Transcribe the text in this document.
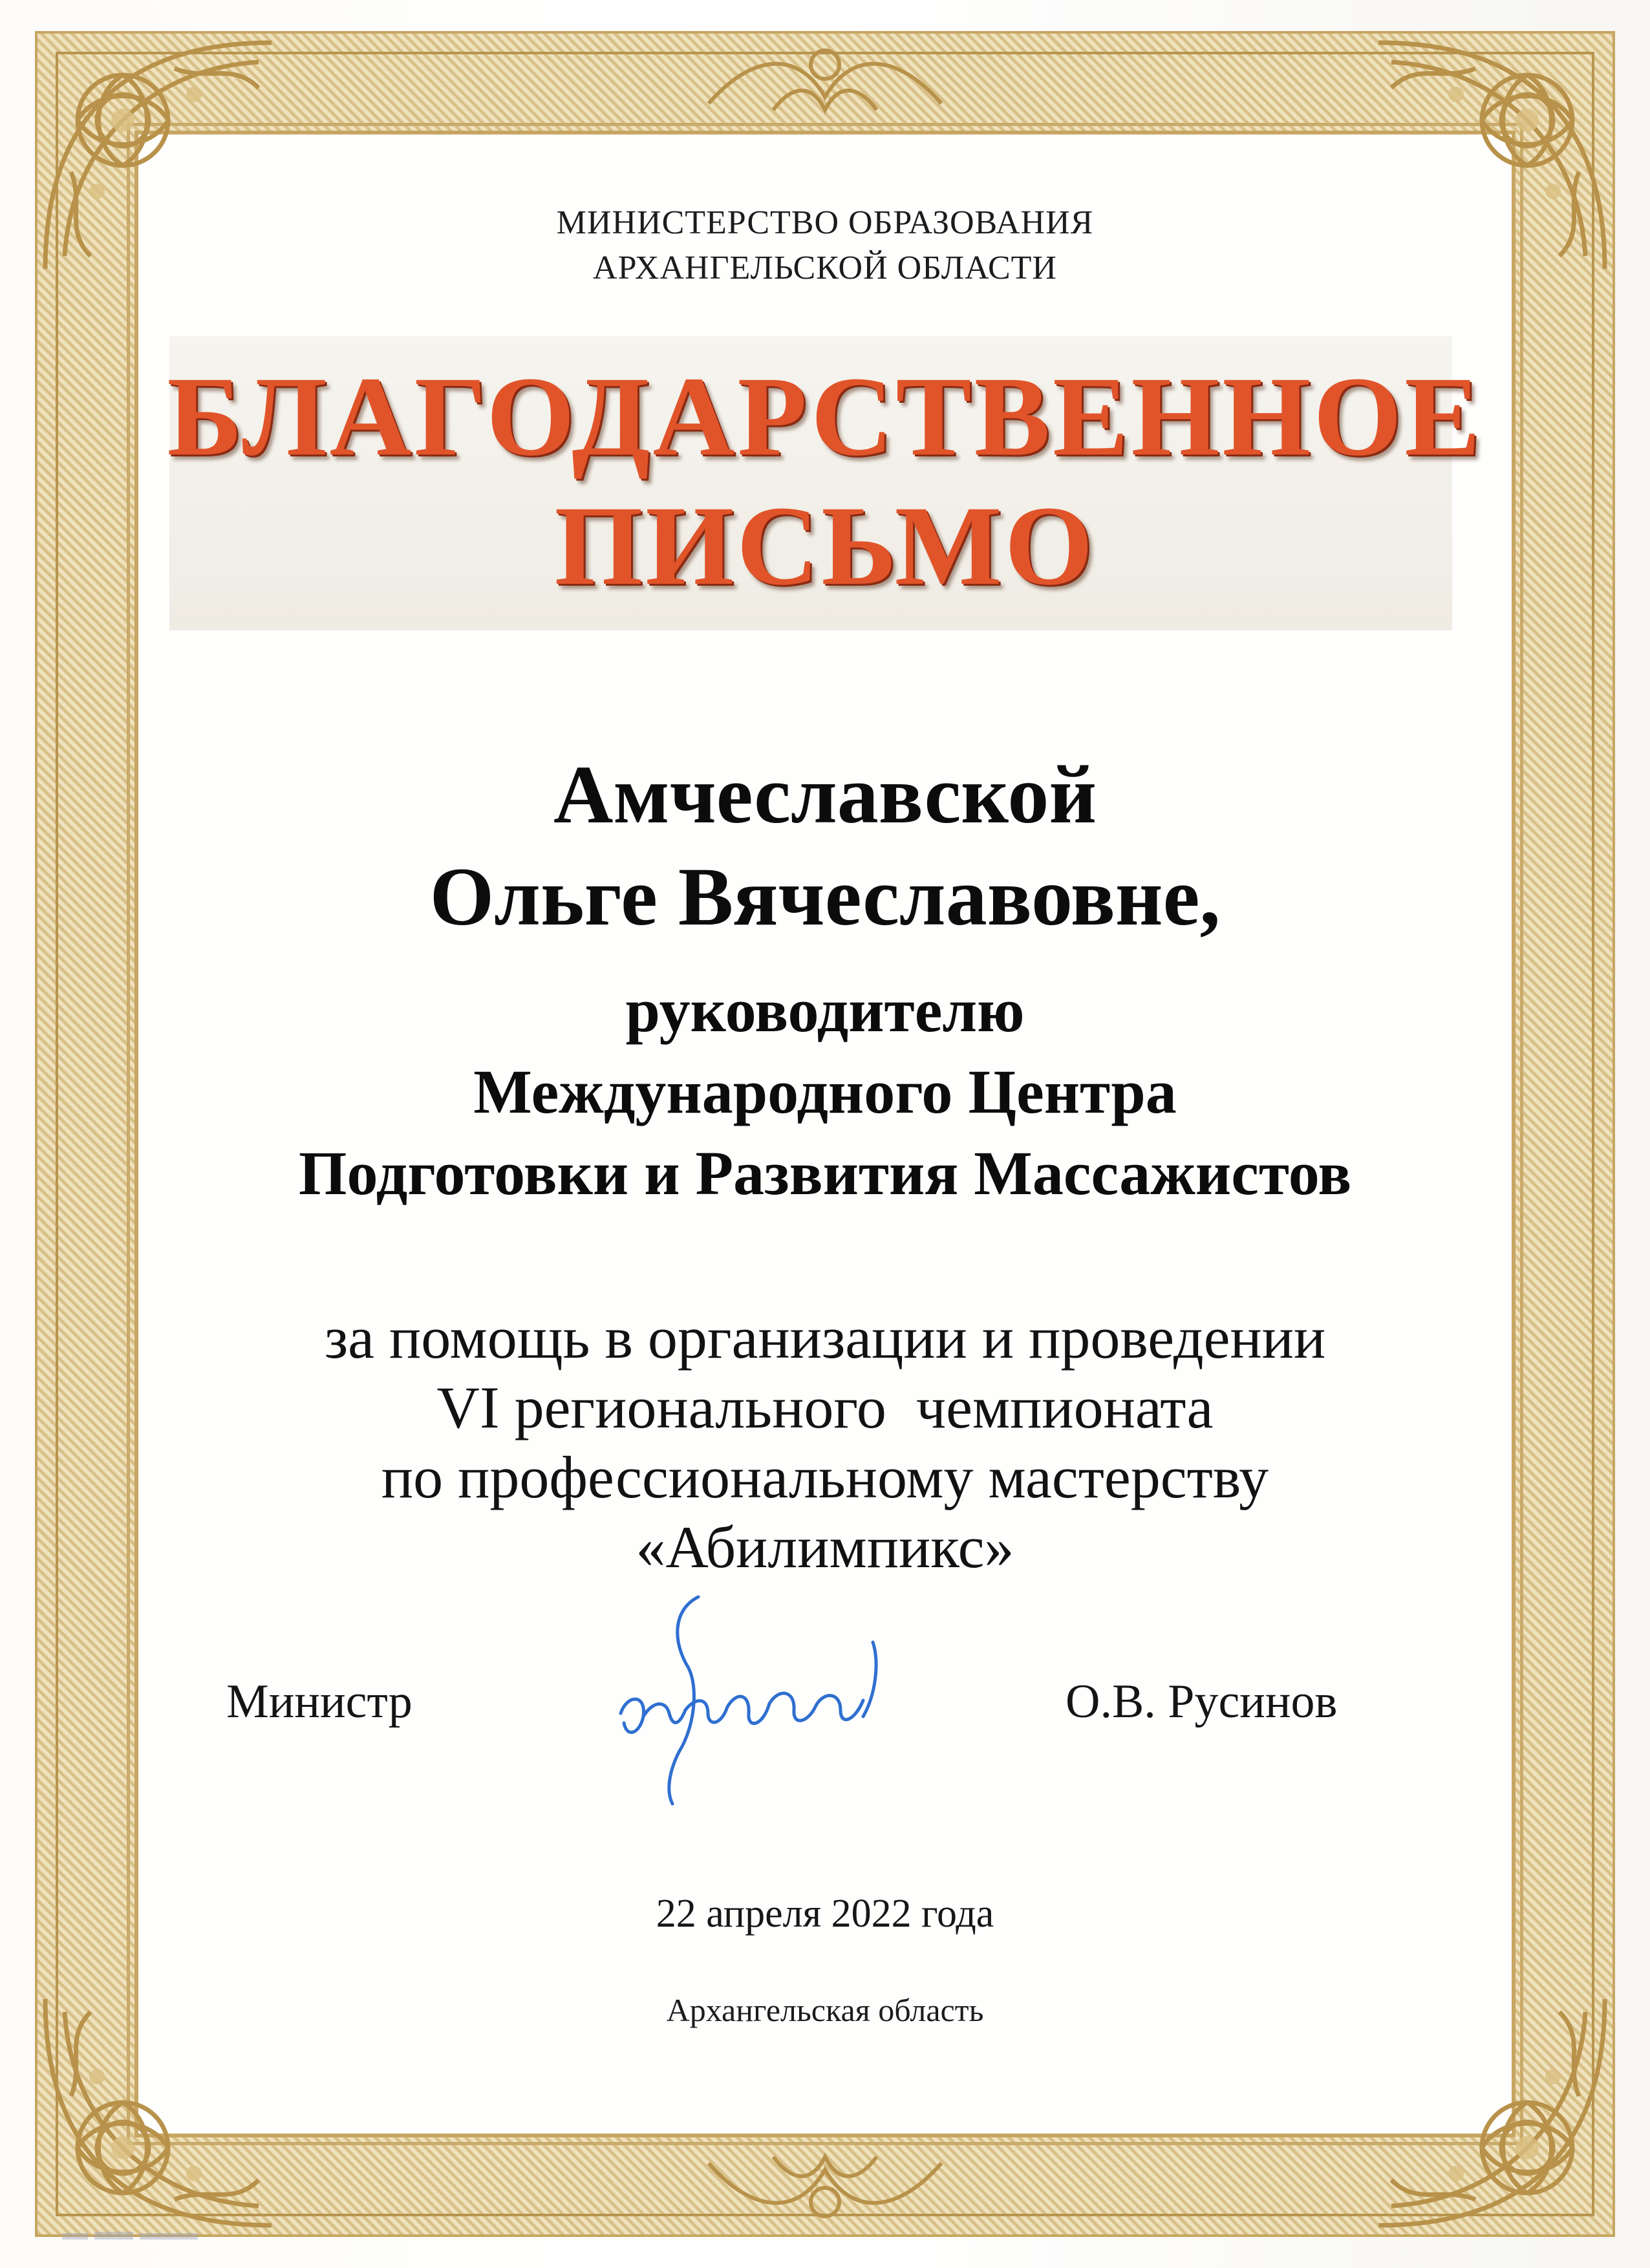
МИНИСТЕРСТВО ОБРАЗОВАНИЯ
АРХАНГЕЛЬСКОЙ ОБЛАСТИ
БЛАГОДАРСТВЕННОЕ
ПИСЬМО
Амчеславской
Ольге Вячеславовне,
руководителю
Международного Центра
Подготовки и Развития Массажистов
за помощь в организации и проведении
VI регионального  чемпионата
по профессиональному мастерству
«Абилимпикс»
Министр	О.В. Русинов
22 апреля 2022 года
Архангельская область
